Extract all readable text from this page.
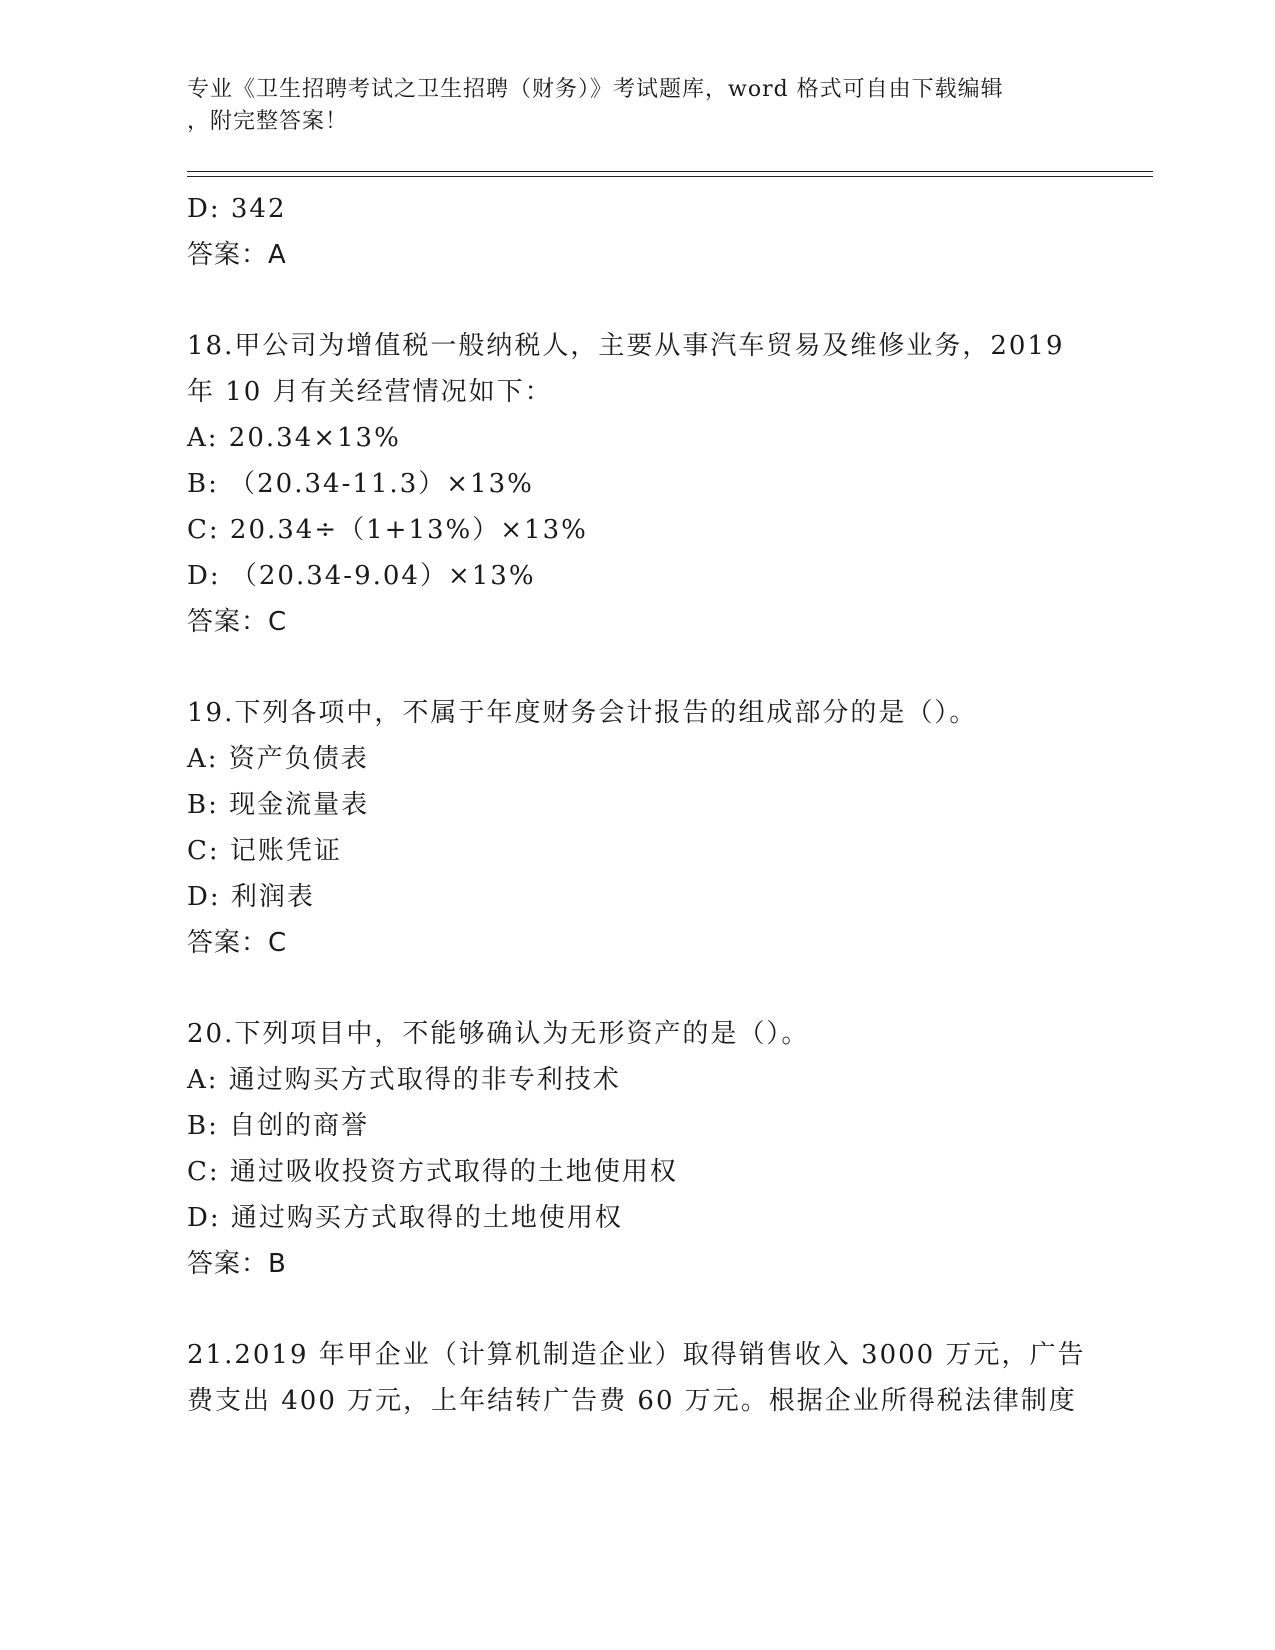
专业《卫生招聘考试之卫生招聘（财务）》考试题库，word 格式可自由下载编辑
，附完整答案！
D: 342
答案：A
18.甲公司为增值税一般纳税人，主要从事汽车贸易及维修业务，2019
年 10 月有关经营情况如下：
A: 20.34×13%
B: （20.34-11.3）×13%
C: 20.34÷（1+13%）×13%
D: （20.34-9.04）×13%
答案：C
19.下列各项中，不属于年度财务会计报告的组成部分的是（）。
A: 资产负债表
B: 现金流量表
C: 记账凭证
D: 利润表
答案：C
20.下列项目中，不能够确认为无形资产的是（）。
A: 通过购买方式取得的非专利技术
B: 自创的商誉
C: 通过吸收投资方式取得的土地使用权
D: 通过购买方式取得的土地使用权
答案：B
21.2019 年甲企业（计算机制造企业）取得销售收入 3000 万元，广告
费支出 400 万元，上年结转广告费 60 万元。根据企业所得税法律制度
